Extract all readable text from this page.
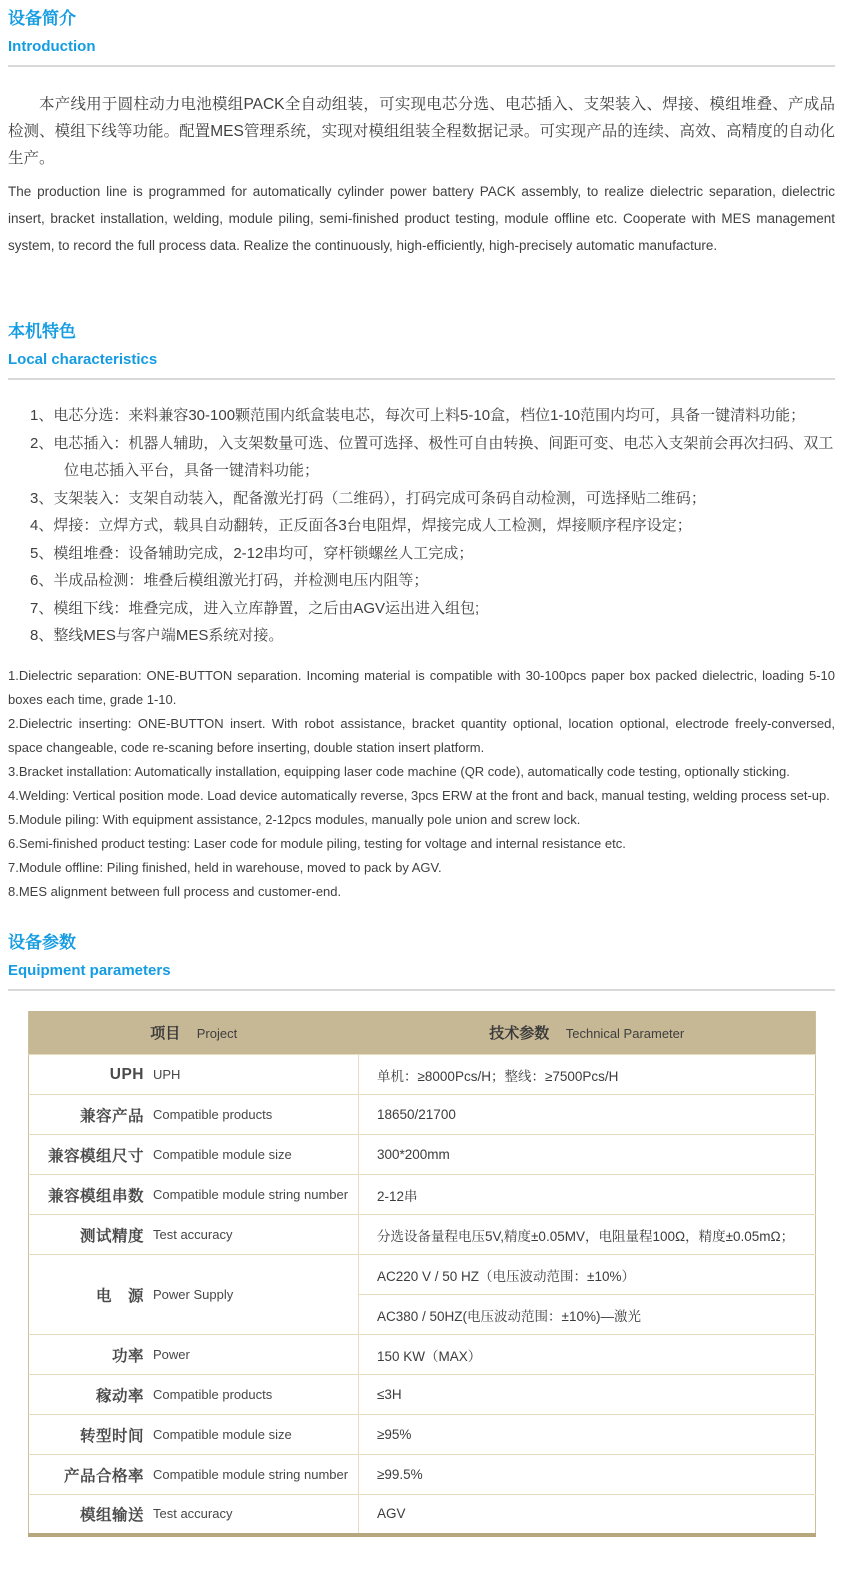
设备简介
Introduction

本产线用于圆柱动力电池模组PACK全自动组装，可实现电芯分选、电芯插入、支架装入、焊接、模组堆叠、产成品检测、模组下线等功能。配置MES管理系统，实现对模组组装全程数据记录。可实现产品的连续、高效、高精度的自动化生产。

The production line is programmed for automatically cylinder power battery PACK assembly, to realize dielectric separation, dielectric insert, bracket installation, welding, module piling, semi-finished product testing, module offline etc. Cooperate with MES management system, to record the full process data. Realize the continuously, high-efficiently, high-precisely automatic manufacture.

本机特色
Local characteristics
1、电芯分选：来料兼容30-100颗范围内纸盒装电芯，每次可上料5-10盒，档位1-10范围内均可，具备一键清料功能；
2、电芯插入：机器人辅助，入支架数量可选、位置可选择、极性可自由转换、间距可变、电芯入支架前会再次扫码、双工位电芯插入平台，具备一键清料功能；
3、支架装入：支架自动装入，配备激光打码（二维码），打码完成可条码自动检测，可选择贴二维码；
4、焊接：立焊方式，载具自动翻转，正反面各3台电阻焊，焊接完成人工检测，焊接顺序程序设定；
5、模组堆叠：设备辅助完成，2-12串均可，穿杆锁螺丝人工完成；
6、半成品检测：堆叠后模组激光打码，并检测电压内阻等；
7、模组下线：堆叠完成，进入立库静置，之后由AGV运出进入组包;
8、整线MES与客户端MES系统对接。
1.Dielectric separation: ONE-BUTTON separation. Incoming material is compatible with 30-100pcs paper box packed dielectric, loading 5-10 boxes each time, grade 1-10.
2.Dielectric inserting: ONE-BUTTON insert. With robot assistance, bracket quantity optional, location optional, electrode freely-conversed, space changeable, code re-scaning before inserting, double station insert platform.
3.Bracket installation: Automatically installation, equipping laser code machine (QR code), automatically code testing, optionally sticking.
4.Welding: Vertical position mode. Load device automatically reverse, 3pcs ERW at the front and back, manual testing, welding process set-up.
5.Module piling: With equipment assistance, 2-12pcs modules, manually pole union and screw lock.
6.Semi-finished product testing: Laser code for module piling, testing for voltage and internal resistance etc.
7.Module offline: Piling finished, held in warehouse, moved to pack by AGV.
8.MES alignment between full process and customer-end.
设备参数
Equipment parameters
项目 Project	技术参数 Technical Parameter

UPH UPH	单机：≥8000Pcs/H；整线：≥7500Pcs/H

兼容产品 Compatible products	18650/21700

兼容模组尺寸 Compatible module size	300*200mm

兼容模组串数 Compatible module string number	2-12串

测试精度 Test accuracy	分选设备量程电压5V,精度±0.05MV，电阻量程100Ω，精度±0.05mΩ；

电　源 Power Supply	AC220 V / 50 HZ（电压波动范围：±10%）
	AC380 / 50HZ(电压波动范围：±10%)—激光

功率 Power	150 KW（MAX）

稼动率 Compatible products	≤3H

转型时间 Compatible module size	≥95%

产品合格率 Compatible module string number	≥99.5%

模组输送 Test accuracy	AGV
